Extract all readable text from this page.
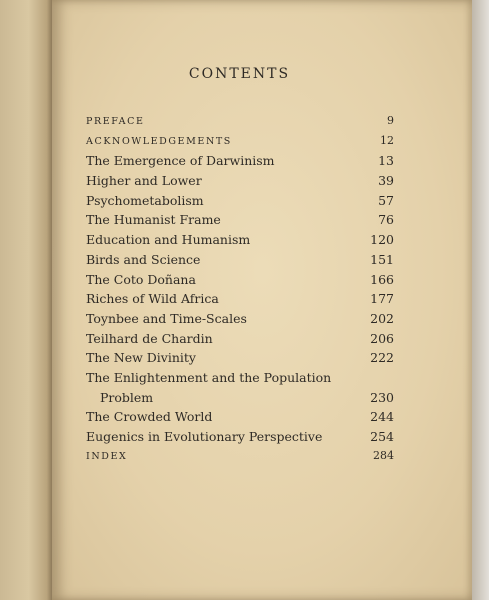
CONTENTS
PREFACE	9
ACKNOWLEDGEMENTS	12
The Emergence of Darwinism	13
Higher and Lower	39
Psychometabolism	57
The Humanist Frame	76
Education and Humanism	120
Birds and Science	151
The Coto Doñana	166
Riches of Wild Africa	177
Toynbee and Time-Scales	202
Teilhard de Chardin	206
The New Divinity	222
The Enlightenment and the Population
Problem	230
The Crowded World	244
Eugenics in Evolutionary Perspective	254
INDEX	284
